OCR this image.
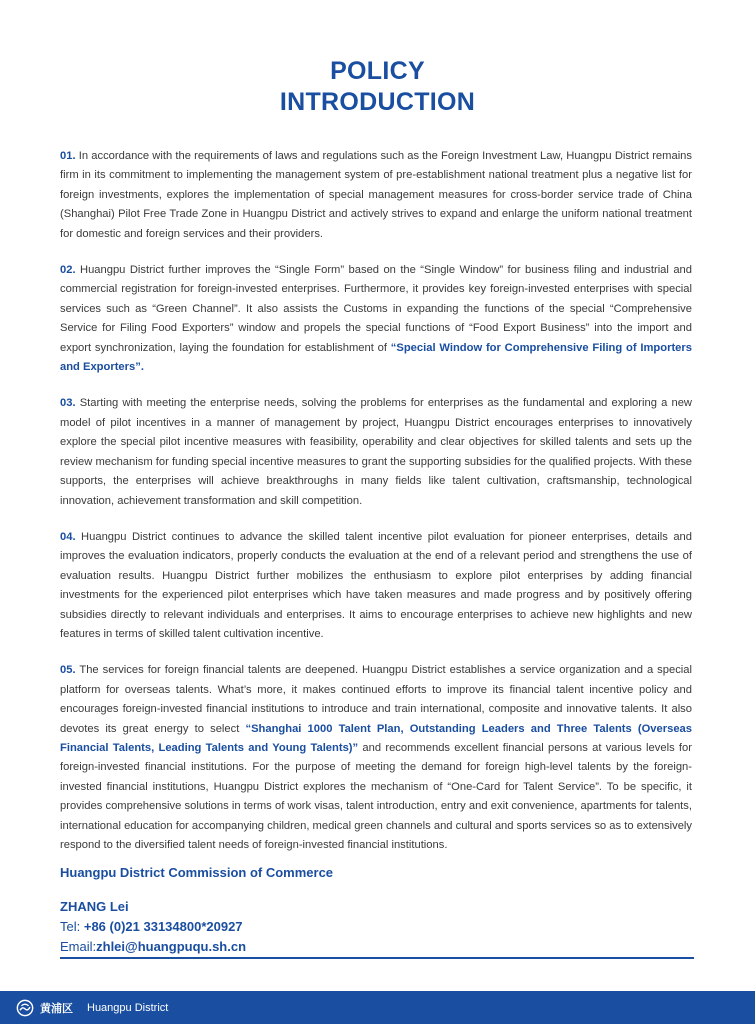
POLICY
INTRODUCTION

01. In accordance with the requirements of laws and regulations such as the Foreign Investment Law, Huangpu District remains firm in its commitment to implementing the management system of pre-establishment national treatment plus a negative list for foreign investments, explores the implementation of special management measures for cross-border service trade of China (Shanghai) Pilot Free Trade Zone in Huangpu District and actively strives to expand and enlarge the uniform national treatment for domestic and foreign services and their providers.

02. Huangpu District further improves the “Single Form” based on the “Single Window” for business filing and industrial and commercial registration for foreign-invested enterprises. Furthermore, it provides key foreign-invested enterprises with special services such as “Green Channel”. It also assists the Customs in expanding the functions of the special “Comprehensive Service for Filing Food Exporters” window and propels the special functions of “Food Export Business” into the import and export synchronization, laying the foundation for establishment of “Special Window for Comprehensive Filing of Importers and Exporters”.

03. Starting with meeting the enterprise needs, solving the problems for enterprises as the fundamental and exploring a new model of pilot incentives in a manner of management by project, Huangpu District encourages enterprises to innovatively explore the special pilot incentive measures with feasibility, operability and clear objectives for skilled talents and sets up the review mechanism for funding special incentive measures to grant the supporting subsidies for the qualified projects. With these supports, the enterprises will achieve breakthroughs in many fields like talent cultivation, craftsmanship, technological innovation, achievement transformation and skill competition.

04. Huangpu District continues to advance the skilled talent incentive pilot evaluation for pioneer enterprises, details and improves the evaluation indicators, properly conducts the evaluation at the end of a relevant period and strengthens the use of evaluation results. Huangpu District further mobilizes the enthusiasm to explore pilot enterprises by adding financial investments for the experienced pilot enterprises which have taken measures and made progress and by positively offering subsidies directly to relevant individuals and enterprises. It aims to encourage enterprises to achieve new highlights and new features in terms of skilled talent cultivation incentive.

05. The services for foreign financial talents are deepened. Huangpu District establishes a service organization and a special platform for overseas talents. What’s more, it makes continued efforts to improve its financial talent incentive policy and encourages foreign-invested financial institutions to introduce and train international, composite and innovative talents. It also devotes its great energy to select “Shanghai 1000 Talent Plan, Outstanding Leaders and Three Talents (Overseas Financial Talents, Leading Talents and Young Talents)” and recommends excellent financial persons at various levels for foreign-invested financial institutions. For the purpose of meeting the demand for foreign high-level talents by the foreign-invested financial institutions, Huangpu District explores the mechanism of “One-Card for Talent Service”. To be specific, it provides comprehensive solutions in terms of work visas, talent introduction, entry and exit convenience, apartments for talents, international education for accompanying children, medical green channels and cultural and sports services so as to extensively respond to the diversified talent needs of foreign-invested financial institutions.

Huangpu District Commission of Commerce
ZHANG Lei
Tel: +86 (0)21 33134800*20927
Email:zhlei@huangpuqu.sh.cn
黄浦区 Huangpu District
